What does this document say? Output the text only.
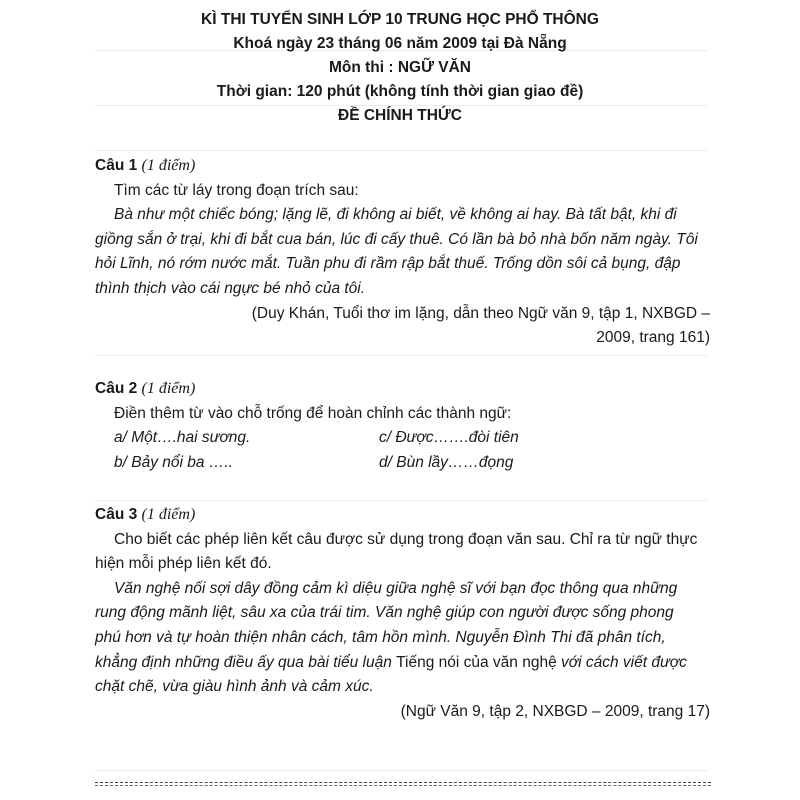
KÌ THI TUYỂN SINH LỚP 10 TRUNG HỌC PHỔ THÔNG
Khoá ngày 23 tháng 06 năm 2009 tại Đà Nẵng
Môn thi : NGỮ VĂN
Thời gian: 120 phút (không tính thời gian giao đề)
ĐỀ CHÍNH THỨC
Câu 1 (1 điểm)
Tìm các từ láy trong đoạn trích sau:
Bà như một chiếc bóng; lặng lẽ, đi không ai biết, về không ai hay. Bà tất bật, khi đi
giồng sắn ở trại, khi đi bắt cua bán, lúc đi cấy thuê. Có lần bà bỏ nhà bốn năm ngày. Tôi
hỏi Lĩnh, nó rớm nước mắt. Tuần phu đi rầm rập bắt thuế. Trống dồn sôi cả bụng, đập
thình thịch vào cái ngực bé nhỏ của tôi.
(Duy Khán, Tuổi thơ im lặng, dẫn theo Ngữ văn 9, tập 1, NXBGD –
2009, trang 161)
Câu 2 (1 điểm)
Điền thêm từ vào chỗ trống để hoàn chỉnh các thành ngữ:
a/ Một….hai sương.	c/ Được…….đòi tiên
b/ Bảy nổi ba …..	d/ Bùn lầy……đọng
Câu 3 (1 điểm)
Cho biết các phép liên kết câu được sử dụng trong đoạn văn sau. Chỉ ra từ ngữ thực
hiện mỗi phép liên kết đó.
Văn nghệ nối sợi dây đồng cảm kì diệu giữa nghệ sĩ với bạn đọc thông qua những
rung động mãnh liệt, sâu xa của trái tim. Văn nghệ giúp con người được sống phong
phú hơn và tự hoàn thiện nhân cách, tâm hồn mình. Nguyễn Đình Thi đã phân tích,
khẳng định những điều ấy qua bài tiểu luận Tiếng nói của văn nghệ với cách viết được
chặt chẽ, vừa giàu hình ảnh và cảm xúc.
(Ngữ Văn 9, tập 2, NXBGD – 2009, trang 17)
